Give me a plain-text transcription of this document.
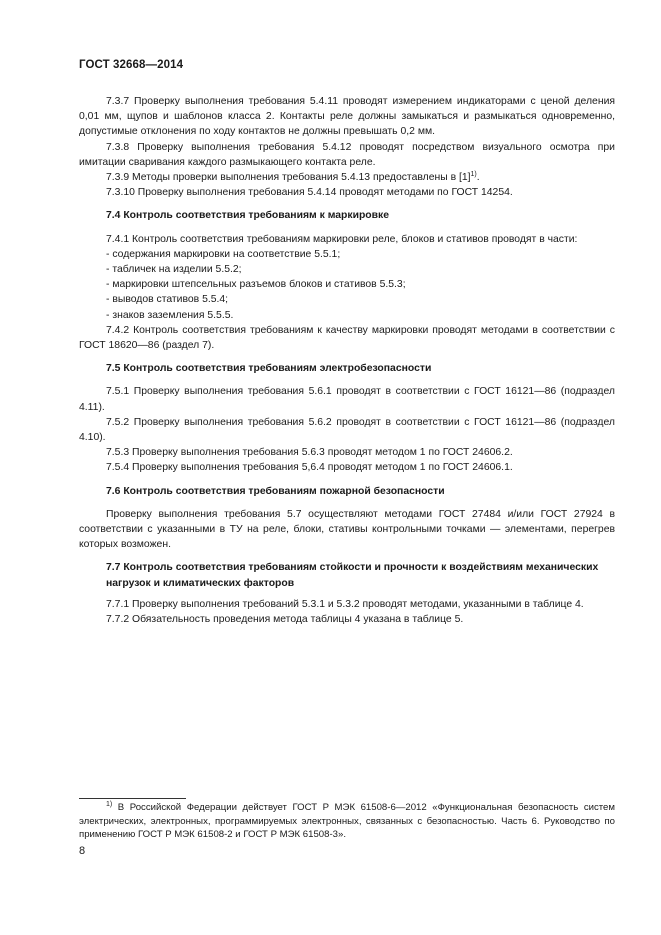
ГОСТ 32668—2014

7.3.7 Проверку выполнения требования 5.4.11 проводят измерением индикаторами с ценой деления 0,01 мм, щупов и шаблонов класса 2. Контакты реле должны замыкаться и размыкаться одновременно, допустимые отклонения по ходу контактов не должны превышать 0,2 мм.

7.3.8 Проверку выполнения требования 5.4.12 проводят посредством визуального осмотра при имитации сваривания каждого размыкающего контакта реле.

7.3.9 Методы проверки выполнения требования 5.4.13 предоставлены в $[1]^{1)}$.

7.3.10 Проверку выполнения требования 5.4.14 проводят методами по ГОСТ 14254.

7.4 Контроль соответствия требованиям к маркировке

7.4.1 Контроль соответствия требованиям маркировки реле, блоков и стативов проводят в части:

- содержания маркировки на соответствие 5.5.1;
- табличек на изделии 5.5.2;
- маркировки штепсельных разъемов блоков и стативов 5.5.3;
- выводов стативов 5.5.4;
- знаков заземления 5.5.5.

7.4.2 Контроль соответствия требованиям к качеству маркировки проводят методами в соответствии с ГОСТ 18620—86 (раздел 7).

7.5 Контроль соответствия требованиям электробезопасности

7.5.1 Проверку выполнения требования 5.6.1 проводят в соответствии с ГОСТ 16121—86 (подраздел 4.11).

7.5.2 Проверку выполнения требования 5.6.2 проводят в соответствии с ГОСТ 16121—86 (подраздел 4.10).

7.5.3 Проверку выполнения требования 5.6.3 проводят методом 1 по ГОСТ 24606.2.

7.5.4 Проверку выполнения требования 5,6.4 проводят методом 1 по ГОСТ 24606.1.

7.6 Контроль соответствия требованиям пожарной безопасности

Проверку выполнения требования 5.7 осуществляют методами ГОСТ 27484 и/или ГОСТ 27924 в соответствии с указанными в ТУ на реле, блоки, стативы контрольными точками — элементами, перегрев которых возможен.

7.7 Контроль соответствия требованиям стойкости и прочности к воздействиям механических нагрузок и климатических факторов

7.7.1 Проверку выполнения требований 5.3.1 и 5.3.2 проводят методами, указанными в таблице 4.

7.7.2 Обязательность проведения метода таблицы 4 указана в таблице 5.

$^{1)}$ В Российской Федерации действует ГОСТ Р МЭК 61508-6—2012 «Функциональная безопасность систем электрических, электронных, программируемых электронных, связанных с безопасностью. Часть 6. Руководство по применению ГОСТ Р МЭК 61508-2 и ГОСТ Р МЭК 61508-3».
8
